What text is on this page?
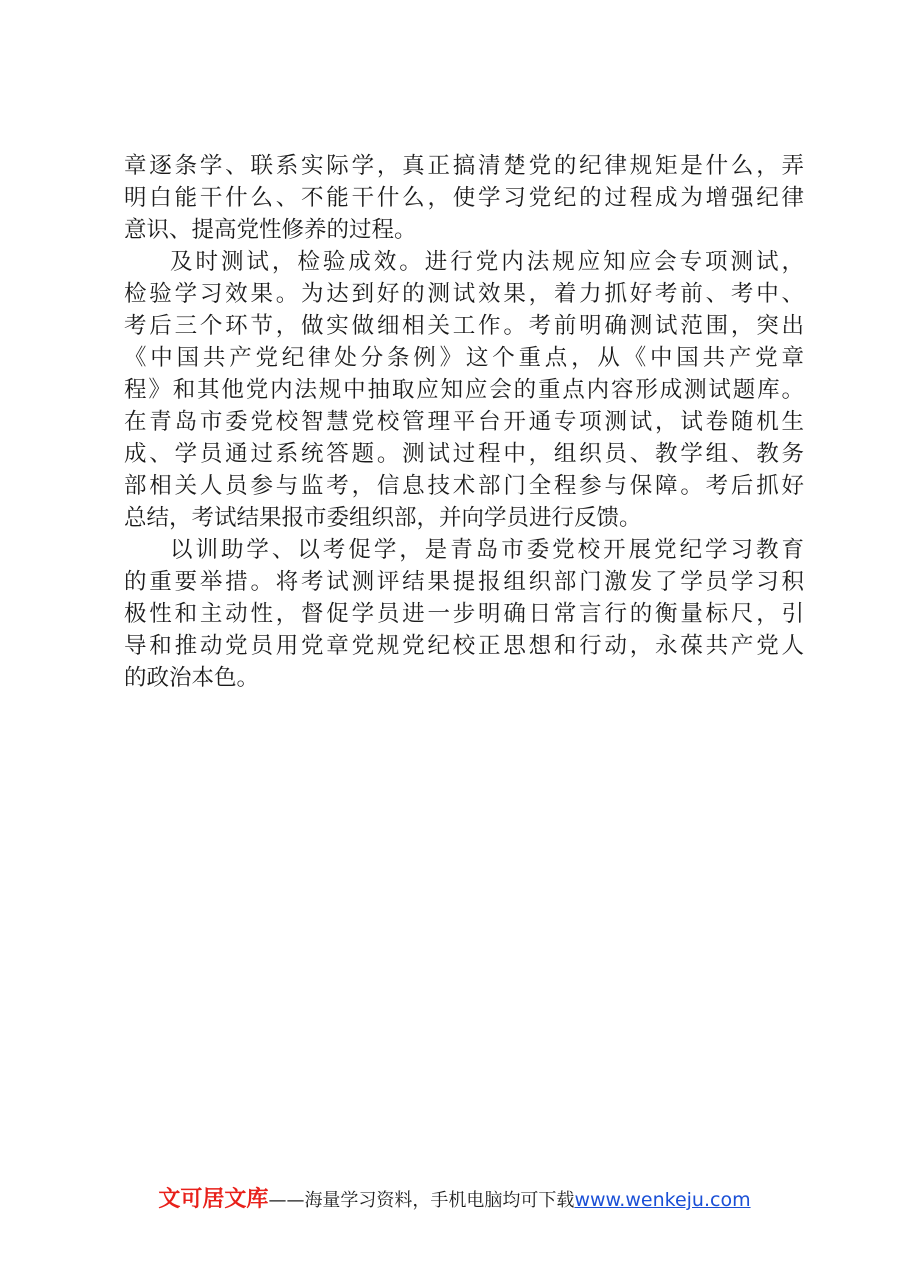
章逐条学、联系实际学，真正搞清楚党的纪律规矩是什么，弄
明白能干什么、不能干什么，使学习党纪的过程成为增强纪律
意识、提高党性修养的过程。
及时测试，检验成效。进行党内法规应知应会专项测试，
检验学习效果。为达到好的测试效果，着力抓好考前、考中、
考后三个环节，做实做细相关工作。考前明确测试范围，突出
《中国共产党纪律处分条例》这个重点，从《中国共产党章
程》和其他党内法规中抽取应知应会的重点内容形成测试题库。
在青岛市委党校智慧党校管理平台开通专项测试，试卷随机生
成、学员通过系统答题。测试过程中，组织员、教学组、教务
部相关人员参与监考，信息技术部门全程参与保障。考后抓好
总结，考试结果报市委组织部，并向学员进行反馈。
以训助学、以考促学，是青岛市委党校开展党纪学习教育
的重要举措。将考试测评结果提报组织部门激发了学员学习积
极性和主动性，督促学员进一步明确日常言行的衡量标尺，引
导和推动党员用党章党规党纪校正思想和行动，永葆共产党人
的政治本色。
文可居文库——海量学习资料，手机电脑均可下载www.wenkeju.com
